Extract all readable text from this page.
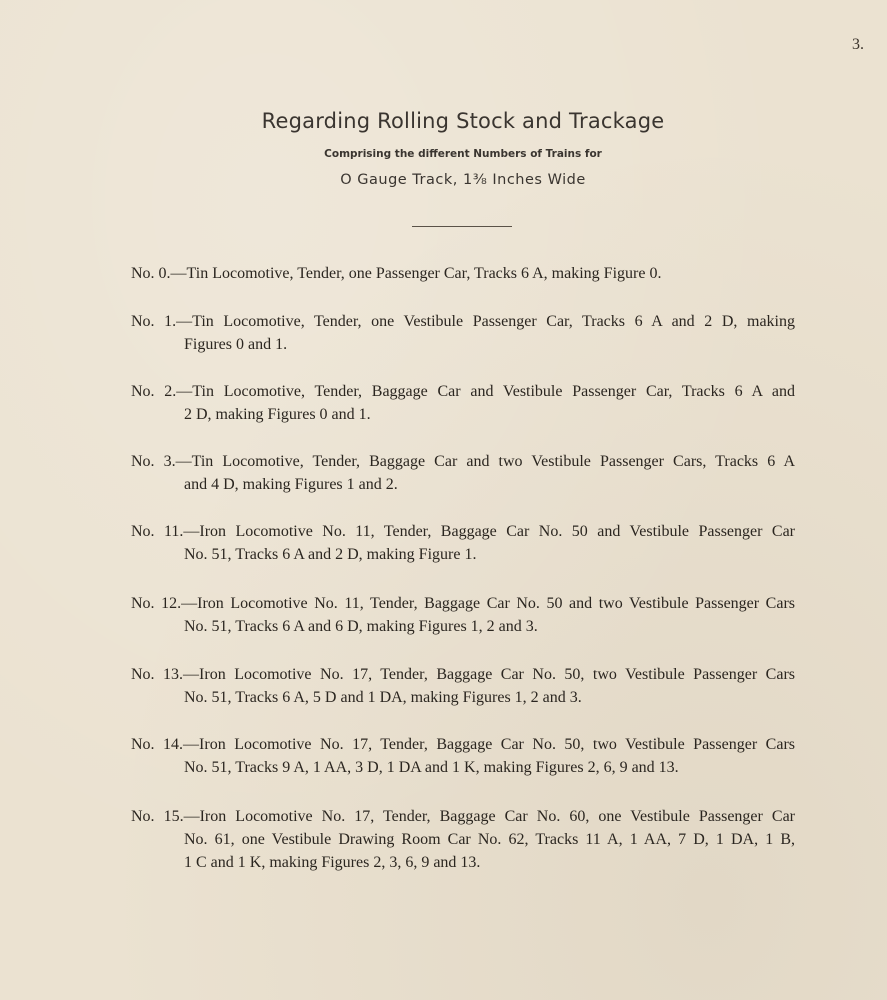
3.
Regarding Rolling Stock and Trackage
Comprising the different Numbers of Trains for
O Gauge Track, 1⅜ Inches Wide
No. 0.—Tin Locomotive, Tender, one Passenger Car, Tracks 6 A, making Figure 0.
No. 1.—Tin Locomotive, Tender, one Vestibule Passenger Car, Tracks 6 A and 2 D, making
Figures 0 and 1.
No. 2.—Tin Locomotive, Tender, Baggage Car and Vestibule Passenger Car, Tracks 6 A and
2 D, making Figures 0 and 1.
No. 3.—Tin Locomotive, Tender, Baggage Car and two Vestibule Passenger Cars, Tracks 6 A
and 4 D, making Figures 1 and 2.
No. 11.—Iron Locomotive No. 11, Tender, Baggage Car No. 50 and Vestibule Passenger Car
No. 51, Tracks 6 A and 2 D, making Figure 1.
No. 12.—Iron Locomotive No. 11, Tender, Baggage Car No. 50 and two Vestibule Passenger Cars
No. 51, Tracks 6 A and 6 D, making Figures 1, 2 and 3.
No. 13.—Iron Locomotive No. 17, Tender, Baggage Car No. 50, two Vestibule Passenger Cars
No. 51, Tracks 6 A, 5 D and 1 DA, making Figures 1, 2 and 3.
No. 14.—Iron Locomotive No. 17, Tender, Baggage Car No. 50, two Vestibule Passenger Cars
No. 51, Tracks 9 A, 1 AA, 3 D, 1 DA and 1 K, making Figures 2, 6, 9 and 13.
No. 15.—Iron Locomotive No. 17, Tender, Baggage Car No. 60, one Vestibule Passenger Car
No. 61, one Vestibule Drawing Room Car No. 62, Tracks 11 A, 1 AA, 7 D, 1 DA, 1 B,
1 C and 1 K, making Figures 2, 3, 6, 9 and 13.
